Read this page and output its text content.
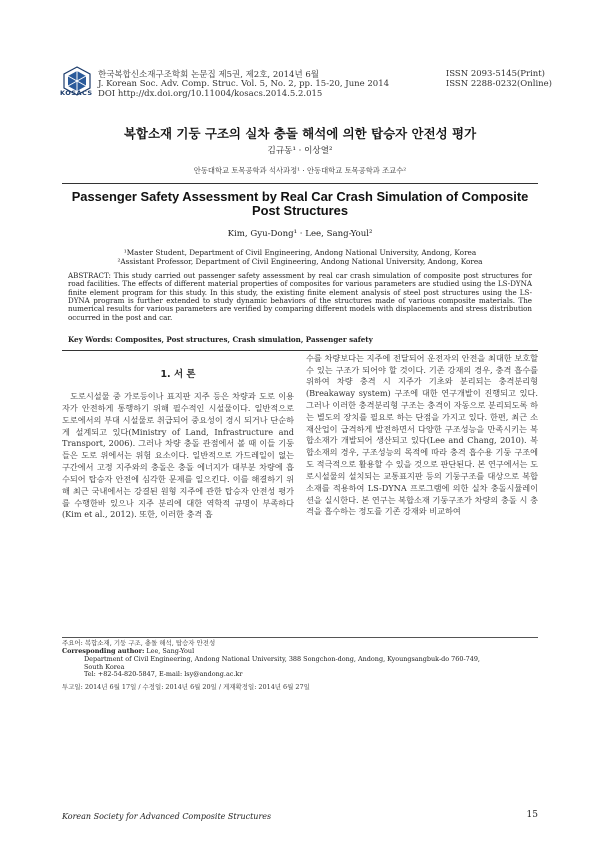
KOSACS
한국복합신소재구조학회 논문집 제5권, 제2호, 2014년 6월
J. Korean Soc. Adv. Comp. Struc. Vol. 5, No. 2, pp. 15-20, June 2014
DOI http://dx.doi.org/10.11004/kosacs.2014.5.2.015
ISSN 2093-5145(Print)
ISSN 2288-0232(Online)
복합소재 기둥 구조의 실차 충돌 해석에 의한 탑승자 안전성 평가
김규동¹ · 이상열²
안동대학교 토목공학과 석사과정¹ · 안동대학교 토목공학과 조교수²
Passenger Safety Assessment by Real Car Crash Simulation of Composite Post Structures
Kim, Gyu-Dong¹ · Lee, Sang-Youl²
¹Master Student, Department of Civil Engineering, Andong National University, Andong, Korea
²Assistant Professor, Department of Civil Engineering, Andong National University, Andong, Korea
ABSTRACT: This study carried out passenger safety assessment by real car crash simulation of composite post structures for road facilities. The effects of different material properties of composites for various parameters are studied using the LS-DYNA finite element program for this study. In this study, the existing finite element analysis of steel post structures using the LS-DYNA program is further extended to study dynamic behaviors of the structures made of various composite materials. The numerical results for various parameters are verified by comparing different models with displacements and stress distribution occurred in the post and car.
Key Words: Composites, Post structures, Crash simulation, Passenger safety
1. 서 론
도로시설물 중 가로등이나 표지판 지주 등은 차량과 도로 이용자가 안전하게 통행하기 위해 필수적인 시설물이다. 일반적으로 도로에서의 부대 시설물로 취급되어 중요성이 경시 되거나 단순하게 설계되고 있다(Ministry of Land, Infrastructure and Transport, 2006). 그러나 차량 충돌 관점에서 볼 때 이들 기둥들은 도로 위에서는 위험 요소이다. 일반적으로 가드레일이 없는 구간에서 고정 지주와의 충돌은 충돌 에너지가 대부분 차량에 흡수되어 탑승자 안전에 심각한 문제를 일으킨다. 이를 해결하기 위해 최근 국내에서는 강결된 원형 지주에 관한 탑승자 안전성 평가를 수행한바 있으나 지주 분리에 대한 역학적 규명이 부족하다(Kim et al., 2012). 또한, 이러한 충격 흡
수를 차량보다는 지주에 전달되어 운전자의 안전을 최대한 보호할 수 있는 구조가 되어야 할 것이다. 기존 강재의 경우, 충격 흡수를 위하여 차량 충격 시 지주가 기초와 분리되는 충격분리형 (Breakaway system) 구조에 대한 연구개발이 진행되고 있다. 그러나 이러한 충격분리형 구조는 충격이 자동으로 분리되도록 하는 별도의 장치를 필요로 하는 단점을 가지고 있다. 한편, 최근 소재산업이 급격하게 발전하면서 다양한 구조성능을 만족시키는 복합소재가 개발되어 생산되고 있다(Lee and Chang, 2010). 복합소재의 경우, 구조성능의 목적에 따라 충격 흡수용 기둥 구조에도 적극적으로 활용할 수 있을 것으로 판단된다. 본 연구에서는 도로시설물의 설치되는 교통표지판 등의 기둥구조를 대상으로 복합소재를 적용하여 LS-DYNA 프로그램에 의한 실차 충돌시뮬레이션을 실시한다. 본 연구는 복합소재 기둥구조가 차량의 충돌 시 충격을 흡수하는 정도를 기존 강재와 비교하여
주요어: 복합소재, 기둥 구조, 충돌 해석, 탑승자 안전성
Corresponding author: Lee, Sang-Youl
Department of Civil Engineering, Andong National University, 388 Songchon-dong, Andong, Kyoungsangbuk-do 760-749,
South Korea
Tel: +82-54-820-5847, E-mail: lsy@andong.ac.kr
투고일: 2014년 6월 17일 / 수정일: 2014년 6월 20일 / 게재확정일: 2014년 6월 27일
Korean Society for Advanced Composite Structures	15
